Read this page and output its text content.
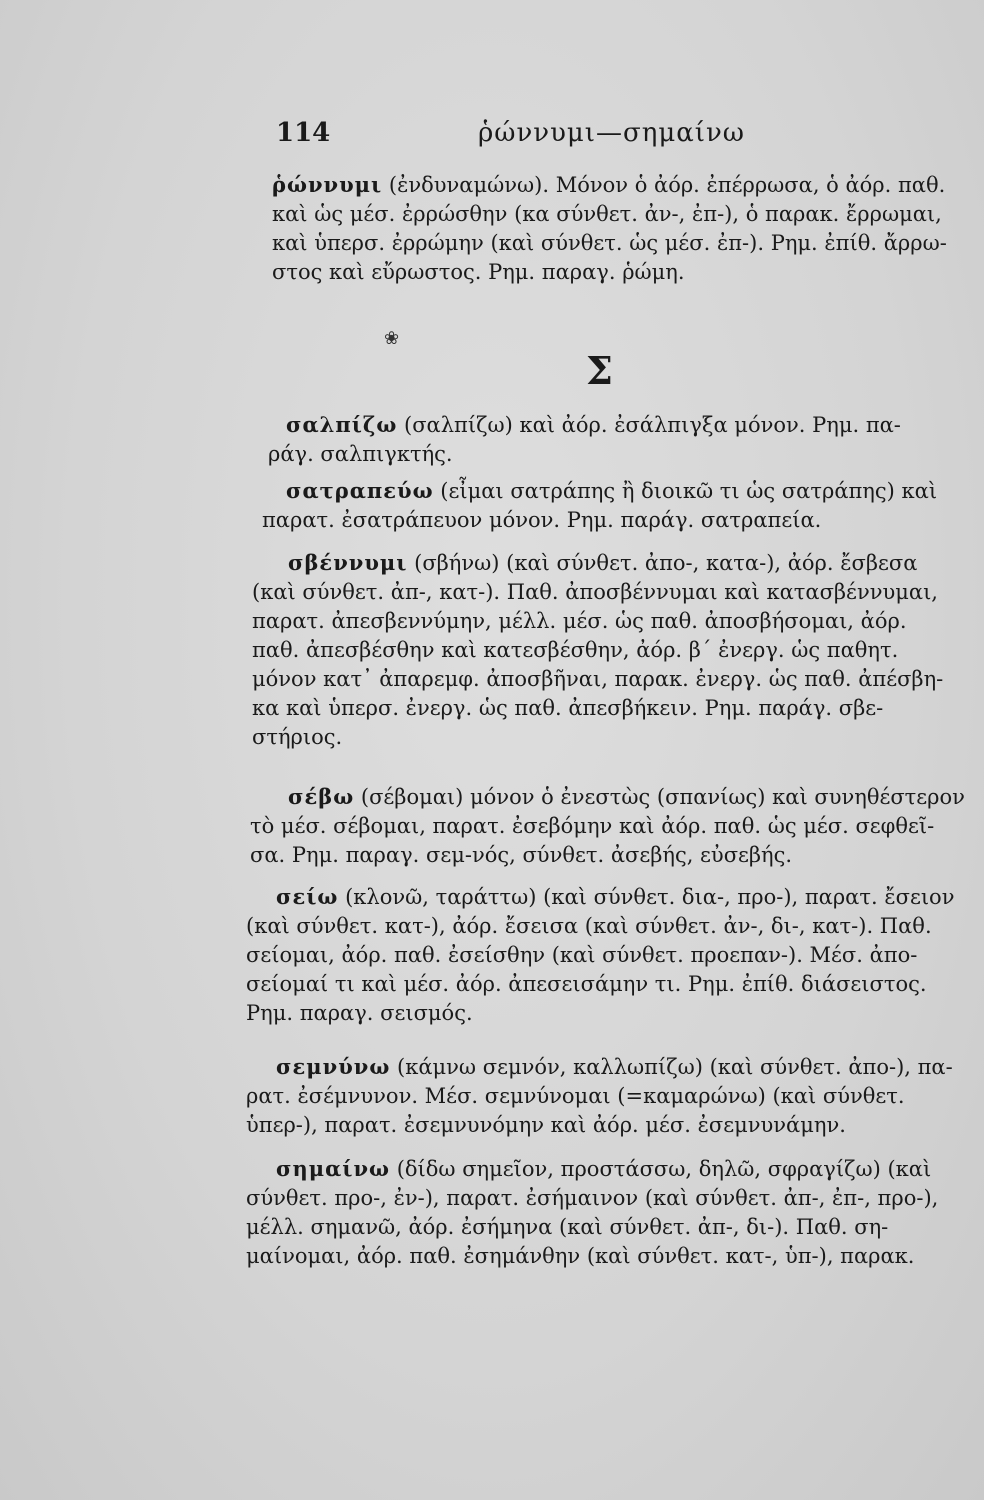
114	ῥώννυμι—σημαίνω
ῥώννυμι (ἐνδυναμώνω). Μόνον ὁ ἀόρ. ἐπέρρωσα, ὁ ἀόρ. παθ.
καὶ ὡς μέσ. ἐρρώσθην (κα σύνθετ. ἀν-, ἐπ-), ὁ παρακ. ἔρρωμαι,
καὶ ὑπερσ. ἐρρώμην (καὶ σύνθετ. ὡς μέσ. ἐπ-). Ρημ. ἐπίθ. ἄρρω-
στος καὶ εὔρωστος. Ρημ. παραγ. ῥώμη.
❀
Σ
σαλπίζω (σαλπίζω) καὶ ἀόρ. ἐσάλπιγξα μόνον. Ρημ. πα-
ράγ. σαλπιγκτής.
σατραπεύω (εἶμαι σατράπης ἢ διοικῶ τι ὡς σατράπης) καὶ
παρατ. ἐσατράπευον μόνον. Ρημ. παράγ. σατραπεία.
σβέννυμι (σβήνω) (καὶ σύνθετ. ἀπο-, κατα-), ἀόρ. ἔσβεσα
(καὶ σύνθετ. ἀπ-, κατ-). Παθ. ἀποσβέννυμαι καὶ κατασβέννυμαι,
παρατ. ἀπεσβεννύμην, μέλλ. μέσ. ὡς παθ. ἀποσβήσομαι, ἀόρ.
παθ. ἀπεσβέσθην καὶ κατεσβέσθην, ἀόρ. β΄ ἐνεργ. ὡς παθητ.
μόνον κατ᾽ ἀπαρεμφ. ἀποσβῆναι, παρακ. ἐνεργ. ὡς παθ. ἀπέσβη-
κα καὶ ὑπερσ. ἐνεργ. ὡς παθ. ἀπεσβήκειν. Ρημ. παράγ. σβε-
στήριος.
σέβω (σέβομαι) μόνον ὁ ἐνεστὼς (σπανίως) καὶ συνηθέστερον
τὸ μέσ. σέβομαι, παρατ. ἐσεβόμην καὶ ἀόρ. παθ. ὡς μέσ. σεφθεῖ-
σα. Ρημ. παραγ. σεμ-νός, σύνθετ. ἀσεβής, εὐσεβής.
σείω (κλονῶ, ταράττω) (καὶ σύνθετ. δια-, προ-), παρατ. ἔσειον
(καὶ σύνθετ. κατ-), ἀόρ. ἔσεισα (καὶ σύνθετ. ἀν-, δι-, κατ-). Παθ.
σείομαι, ἀόρ. παθ. ἐσείσθην (καὶ σύνθετ. προεπαν-). Μέσ. ἀπο-
σείομαί τι καὶ μέσ. ἀόρ. ἀπεσεισάμην τι. Ρημ. ἐπίθ. διάσειστος.
Ρημ. παραγ. σεισμός.
σεμνύνω (κάμνω σεμνόν, καλλωπίζω) (καὶ σύνθετ. ἀπο-), πα-
ρατ. ἐσέμνυνον. Μέσ. σεμνύνομαι (=καμαρώνω) (καὶ σύνθετ.
ὑπερ-), παρατ. ἐσεμνυνόμην καὶ ἀόρ. μέσ. ἐσεμνυνάμην.
σημαίνω (δίδω σημεῖον, προστάσσω, δηλῶ, σφραγίζω) (καὶ
σύνθετ. προ-, ἐν-), παρατ. ἐσήμαινον (καὶ σύνθετ. ἀπ-, ἐπ-, προ-),
μέλλ. σημανῶ, ἀόρ. ἐσήμηνα (καὶ σύνθετ. ἀπ-, δι-). Παθ. ση-
μαίνομαι, ἀόρ. παθ. ἐσημάνθην (καὶ σύνθετ. κατ-, ὑπ-), παρακ.
